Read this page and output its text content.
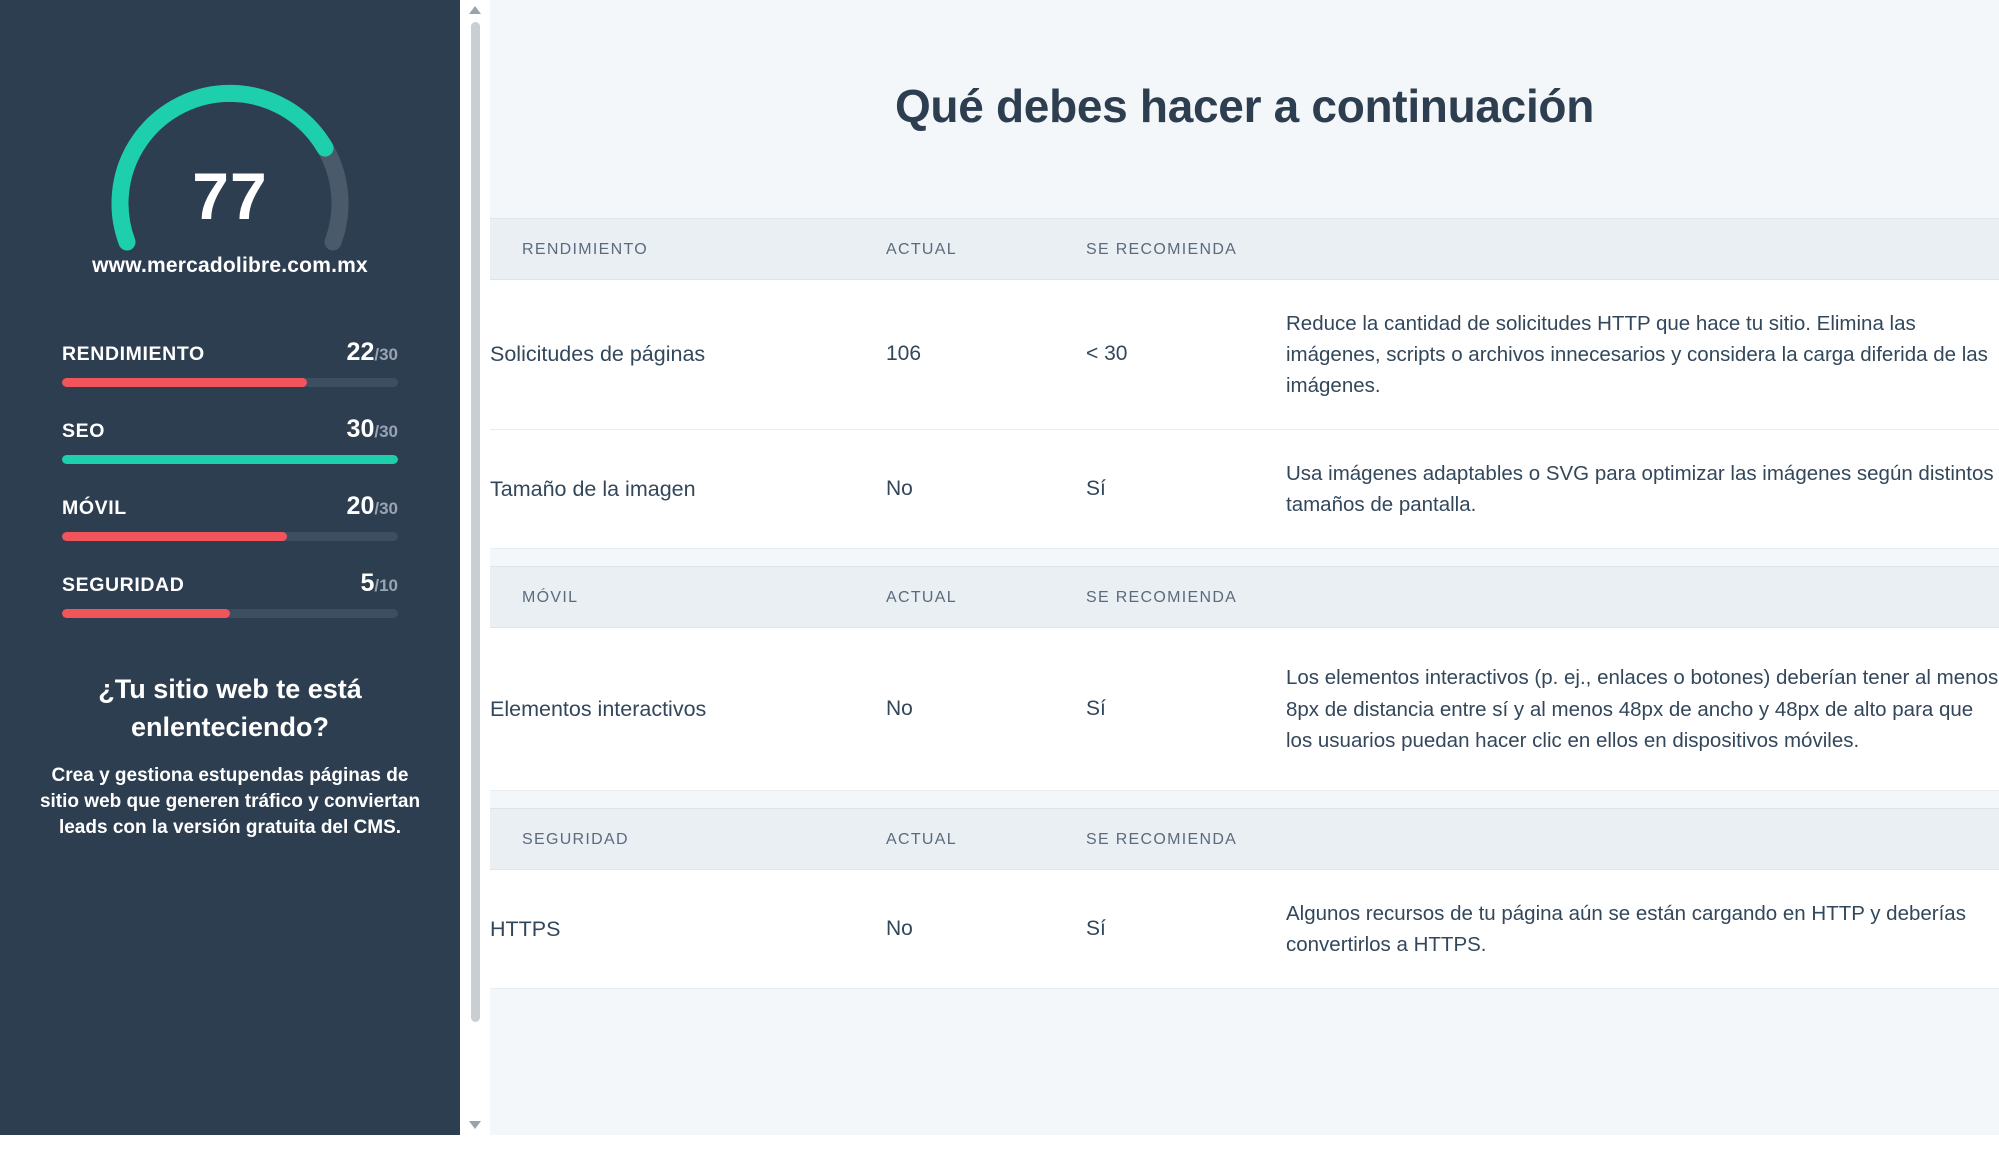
77
www.mercadolibre.com.mx
RENDIMIENTO	22/30
SEO	30/30
MÓVIL	20/30
SEGURIDAD	5/10
¿Tu sitio web te está enlenteciendo?
Crea y gestiona estupendas páginas de sitio web que generen tráfico y conviertan leads con la versión gratuita del CMS.
Qué debes hacer a continuación
RENDIMIENTO	ACTUAL	SE RECOMIENDA	
Solicitudes de páginas	106	< 30	Reduce la cantidad de solicitudes HTTP que hace tu sitio. Elimina las imágenes, scripts o archivos innecesarios y considera la carga diferida de las imágenes.
Tamaño de la imagen	No	Sí	Usa imágenes adaptables o SVG para optimizar las imágenes según distintos tamaños de pantalla.

MÓVIL	ACTUAL	SE RECOMIENDA	
Elementos interactivos	No	Sí	Los elementos interactivos (p. ej., enlaces o botones) deberían tener al menos 8px de distancia entre sí y al menos 48px de ancho y 48px de alto para que los usuarios puedan hacer clic en ellos en dispositivos móviles.

SEGURIDAD	ACTUAL	SE RECOMIENDA	
HTTPS	No	Sí	Algunos recursos de tu página aún se están cargando en HTTP y deberías convertirlos a HTTPS.
